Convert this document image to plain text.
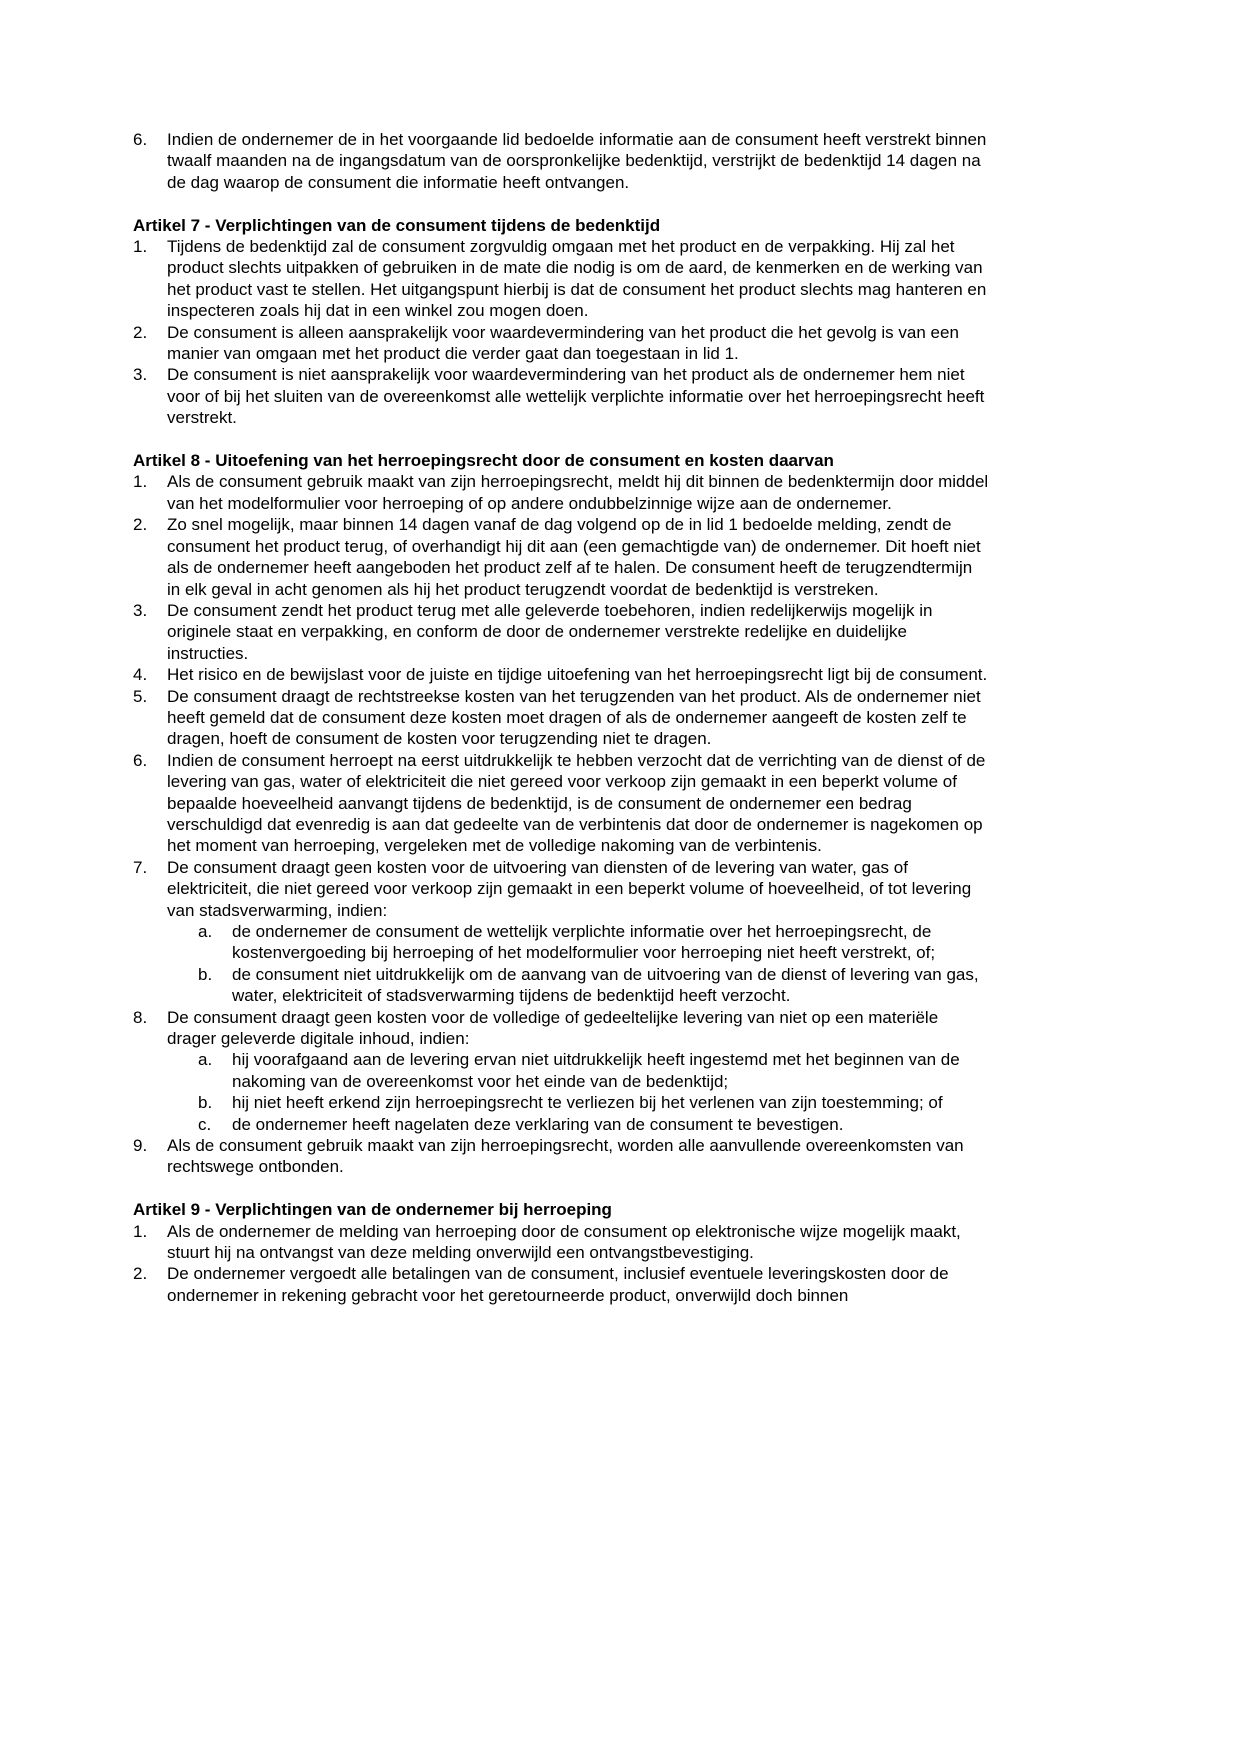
6.	Indien de ondernemer de in het voorgaande lid bedoelde informatie aan de consument heeft verstrekt binnen twaalf maanden na de ingangsdatum van de oorspronkelijke bedenktijd, verstrijkt de bedenktijd 14 dagen na de dag waarop de consument die informatie heeft ontvangen.
Artikel 7 - Verplichtingen van de consument tijdens de bedenktijd
1.	Tijdens de bedenktijd zal de consument zorgvuldig omgaan met het product en de verpakking. Hij zal het product slechts uitpakken of gebruiken in de mate die nodig is om de aard, de kenmerken en de werking van het product vast te stellen. Het uitgangspunt hierbij is dat de consument het product slechts mag hanteren en inspecteren zoals hij dat in een winkel zou mogen doen.
2.	De consument is alleen aansprakelijk voor waardevermindering van het product die het gevolg is van een manier van omgaan met het product die verder gaat dan toegestaan in lid 1.
3.	De consument is niet aansprakelijk voor waardevermindering van het product als de ondernemer hem niet voor of bij het sluiten van de overeenkomst alle wettelijk verplichte informatie over het herroepingsrecht heeft verstrekt.
Artikel 8 - Uitoefening van het herroepingsrecht door de consument en kosten daarvan
1.	Als de consument gebruik maakt van zijn herroepingsrecht, meldt hij dit binnen de bedenktermijn door middel van het modelformulier voor herroeping of op andere ondubbelzinnige wijze aan de ondernemer.
2.	Zo snel mogelijk, maar binnen 14 dagen vanaf de dag volgend op de in lid 1 bedoelde melding, zendt de consument het product terug, of overhandigt hij dit aan (een gemachtigde van) de ondernemer. Dit hoeft niet als de ondernemer heeft aangeboden het product zelf af te halen. De consument heeft de terugzendtermijn in elk geval in acht genomen als hij het product terugzendt voordat de bedenktijd is verstreken.
3.	De consument zendt het product terug met alle geleverde toebehoren, indien redelijkerwijs mogelijk in originele staat en verpakking, en conform de door de ondernemer verstrekte redelijke en duidelijke instructies.
4.	Het risico en de bewijslast voor de juiste en tijdige uitoefening van het herroepingsrecht ligt bij de consument.
5.	De consument draagt de rechtstreekse kosten van het terugzenden van het product. Als de ondernemer niet heeft gemeld dat de consument deze kosten moet dragen of als de ondernemer aangeeft de kosten zelf te dragen, hoeft de consument de kosten voor terugzending niet te dragen.
6.	Indien de consument herroept na eerst uitdrukkelijk te hebben verzocht dat de verrichting van de dienst of de levering van gas, water of elektriciteit die niet gereed voor verkoop zijn gemaakt in een beperkt volume of bepaalde hoeveelheid aanvangt tijdens de bedenktijd, is de consument de ondernemer een bedrag verschuldigd dat evenredig is aan dat gedeelte van de verbintenis dat door de ondernemer is nagekomen op het moment van herroeping, vergeleken met de volledige nakoming van de verbintenis.
7.	De consument draagt geen kosten voor de uitvoering van diensten of de levering van water, gas of elektriciteit, die niet gereed voor verkoop zijn gemaakt in een beperkt volume of hoeveelheid, of tot levering van stadsverwarming, indien:
a.	de ondernemer de consument de wettelijk verplichte informatie over het herroepingsrecht, de kostenvergoeding bij herroeping of het modelformulier voor herroeping niet heeft verstrekt, of;
b.	de consument niet uitdrukkelijk om de aanvang van de uitvoering van de dienst of levering van gas, water, elektriciteit of stadsverwarming tijdens de bedenktijd heeft verzocht.
8.	De consument draagt geen kosten voor de volledige of gedeeltelijke levering van niet op een materiële drager geleverde digitale inhoud, indien:
a.	hij voorafgaand aan de levering ervan niet uitdrukkelijk heeft ingestemd met het beginnen van de nakoming van de overeenkomst voor het einde van de bedenktijd;
b.	hij niet heeft erkend zijn herroepingsrecht te verliezen bij het verlenen van zijn toestemming; of
c.	de ondernemer heeft nagelaten deze verklaring van de consument te bevestigen.
9.	Als de consument gebruik maakt van zijn herroepingsrecht, worden alle aanvullende overeenkomsten van rechtswege ontbonden.
Artikel 9 - Verplichtingen van de ondernemer bij herroeping
1.	Als de ondernemer de melding van herroeping door de consument op elektronische wijze mogelijk maakt, stuurt hij na ontvangst van deze melding onverwijld een ontvangstbevestiging.
2.	De ondernemer vergoedt alle betalingen van de consument, inclusief eventuele leveringskosten door de ondernemer in rekening gebracht voor het geretourneerde product, onverwijld doch binnen
